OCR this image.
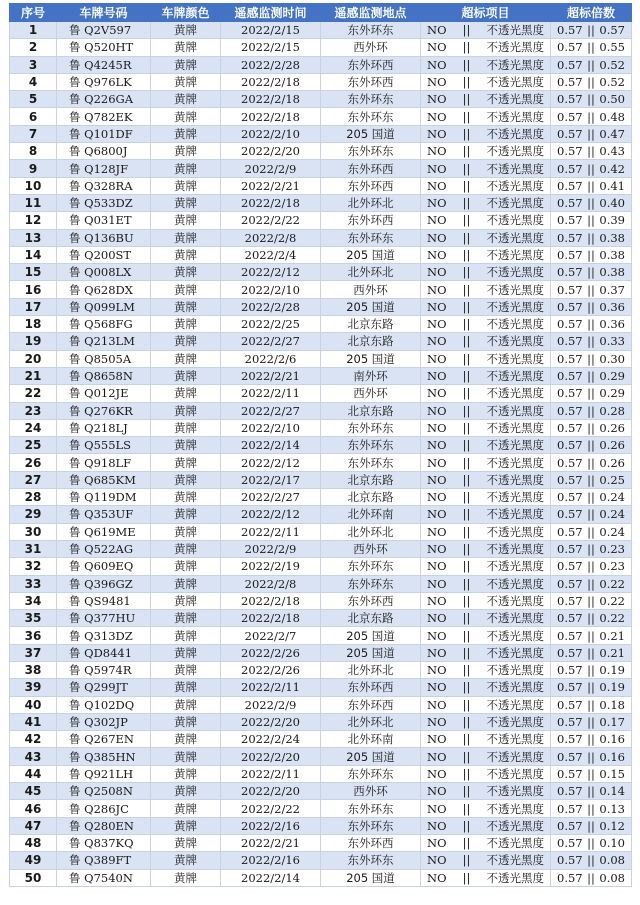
序号	车牌号码	车牌颜色	遥感监测时间	遥感监测地点	超标项目	超标倍数
1	鲁 Q2V597	黄牌	2022/2/15	东外环东	NO || 不透光黑度	0.57 || 0.57

2	鲁 Q520HT	黄牌	2022/2/15	西外环	NO || 不透光黑度	0.57 || 0.55

3	鲁 Q4245R	黄牌	2022/2/28	东外环西	NO || 不透光黑度	0.57 || 0.52

4	鲁 Q976LK	黄牌	2022/2/18	东外环西	NO || 不透光黑度	0.57 || 0.52

5	鲁 Q226GA	黄牌	2022/2/18	东外环东	NO || 不透光黑度	0.57 || 0.50

6	鲁 Q782EK	黄牌	2022/2/18	东外环东	NO || 不透光黑度	0.57 || 0.48

7	鲁 Q101DF	黄牌	2022/2/10	205 国道	NO || 不透光黑度	0.57 || 0.47

8	鲁 Q6800J	黄牌	2022/2/20	东外环东	NO || 不透光黑度	0.57 || 0.43

9	鲁 Q128JF	黄牌	2022/2/9	东外环西	NO || 不透光黑度	0.57 || 0.42

10	鲁 Q328RA	黄牌	2022/2/21	东外环西	NO || 不透光黑度	0.57 || 0.41

11	鲁 Q533DZ	黄牌	2022/2/18	北外环北	NO || 不透光黑度	0.57 || 0.40

12	鲁 Q031ET	黄牌	2022/2/22	东外环西	NO || 不透光黑度	0.57 || 0.39

13	鲁 Q136BU	黄牌	2022/2/8	东外环东	NO || 不透光黑度	0.57 || 0.38

14	鲁 Q200ST	黄牌	2022/2/4	205 国道	NO || 不透光黑度	0.57 || 0.38

15	鲁 Q008LX	黄牌	2022/2/12	北外环北	NO || 不透光黑度	0.57 || 0.38

16	鲁 Q628DX	黄牌	2022/2/10	西外环	NO || 不透光黑度	0.57 || 0.37

17	鲁 Q099LM	黄牌	2022/2/28	205 国道	NO || 不透光黑度	0.57 || 0.36

18	鲁 Q568FG	黄牌	2022/2/25	北京东路	NO || 不透光黑度	0.57 || 0.36

19	鲁 Q213LM	黄牌	2022/2/27	北京东路	NO || 不透光黑度	0.57 || 0.33

20	鲁 Q8505A	黄牌	2022/2/6	205 国道	NO || 不透光黑度	0.57 || 0.30

21	鲁 Q8658N	黄牌	2022/2/21	南外环	NO || 不透光黑度	0.57 || 0.29

22	鲁 Q012JE	黄牌	2022/2/11	西外环	NO || 不透光黑度	0.57 || 0.29

23	鲁 Q276KR	黄牌	2022/2/27	北京东路	NO || 不透光黑度	0.57 || 0.28

24	鲁 Q218LJ	黄牌	2022/2/10	东外环东	NO || 不透光黑度	0.57 || 0.26

25	鲁 Q555LS	黄牌	2022/2/14	东外环东	NO || 不透光黑度	0.57 || 0.26

26	鲁 Q918LF	黄牌	2022/2/12	东外环东	NO || 不透光黑度	0.57 || 0.26

27	鲁 Q685KM	黄牌	2022/2/17	北京东路	NO || 不透光黑度	0.57 || 0.25

28	鲁 Q119DM	黄牌	2022/2/27	北京东路	NO || 不透光黑度	0.57 || 0.24

29	鲁 Q353UF	黄牌	2022/2/12	北外环南	NO || 不透光黑度	0.57 || 0.24

30	鲁 Q619ME	黄牌	2022/2/11	北外环北	NO || 不透光黑度	0.57 || 0.24

31	鲁 Q522AG	黄牌	2022/2/9	西外环	NO || 不透光黑度	0.57 || 0.23

32	鲁 Q609EQ	黄牌	2022/2/19	东外环东	NO || 不透光黑度	0.57 || 0.23

33	鲁 Q396GZ	黄牌	2022/2/8	东外环东	NO || 不透光黑度	0.57 || 0.22

34	鲁 QS9481	黄牌	2022/2/18	东外环西	NO || 不透光黑度	0.57 || 0.22

35	鲁 Q377HU	黄牌	2022/2/18	北京东路	NO || 不透光黑度	0.57 || 0.22

36	鲁 Q313DZ	黄牌	2022/2/7	205 国道	NO || 不透光黑度	0.57 || 0.21

37	鲁 QD8441	黄牌	2022/2/26	205 国道	NO || 不透光黑度	0.57 || 0.21

38	鲁 Q5974R	黄牌	2022/2/26	北外环北	NO || 不透光黑度	0.57 || 0.19

39	鲁 Q299JT	黄牌	2022/2/11	东外环西	NO || 不透光黑度	0.57 || 0.19

40	鲁 Q102DQ	黄牌	2022/2/9	东外环西	NO || 不透光黑度	0.57 || 0.18

41	鲁 Q302JP	黄牌	2022/2/20	北外环北	NO || 不透光黑度	0.57 || 0.17

42	鲁 Q267EN	黄牌	2022/2/24	北外环南	NO || 不透光黑度	0.57 || 0.16

43	鲁 Q385HN	黄牌	2022/2/20	205 国道	NO || 不透光黑度	0.57 || 0.16

44	鲁 Q921LH	黄牌	2022/2/11	东外环东	NO || 不透光黑度	0.57 || 0.15

45	鲁 Q2508N	黄牌	2022/2/20	西外环	NO || 不透光黑度	0.57 || 0.14

46	鲁 Q286JC	黄牌	2022/2/22	东外环东	NO || 不透光黑度	0.57 || 0.13

47	鲁 Q280EN	黄牌	2022/2/16	东外环东	NO || 不透光黑度	0.57 || 0.12

48	鲁 Q837KQ	黄牌	2022/2/21	东外环西	NO || 不透光黑度	0.57 || 0.10

49	鲁 Q389FT	黄牌	2022/2/16	东外环东	NO || 不透光黑度	0.57 || 0.08

50	鲁 Q7540N	黄牌	2022/2/14	205 国道	NO || 不透光黑度	0.57 || 0.08
